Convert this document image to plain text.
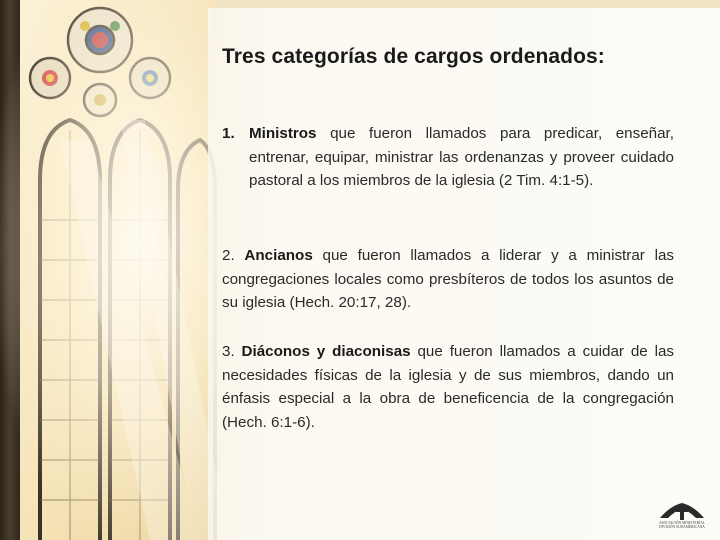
Tres categorías de cargos ordenados:
1. Ministros que fueron llamados para predicar, enseñar, entrenar, equipar, ministrar las ordenanzas y proveer cuidado pastoral a los miembros de la iglesia (2 Tim. 4:1-5).
2. Ancianos que fueron llamados a liderar y a ministrar las congregaciones locales como presbíteros de todos los asuntos de su iglesia (Hech. 20:17, 28).
3. Diáconos y diaconisas que fueron llamados a cuidar de las necesidades físicas de la iglesia y de sus miembros, dando un énfasis especial a la obra de beneficencia de la congregación (Hech. 6:1‐6).
ASOCIACIÓN MINISTERIAL
DIVISIÓN SUDAMERICANA
